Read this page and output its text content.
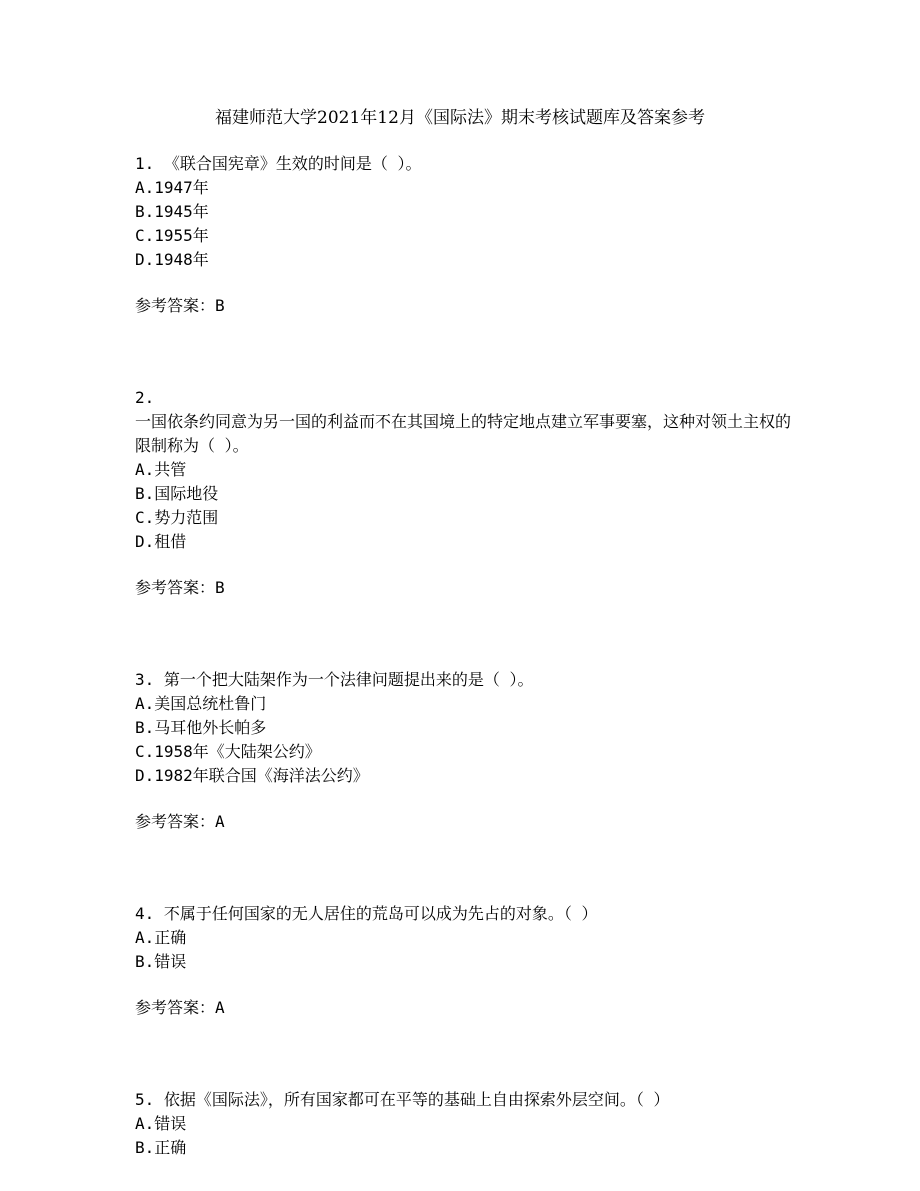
福建师范大学2021年12月《国际法》期末考核试题库及答案参考
1. 《联合国宪章》生效的时间是（ ）。
A.1947年
B.1945年
C.1955年
D.1948年
参考答案：B
2.
一国依条约同意为另一国的利益而不在其国境上的特定地点建立军事要塞，这种对领土主权的限制称为（ ）。
A.共管
B.国际地役
C.势力范围
D.租借
参考答案：B
3. 第一个把大陆架作为一个法律问题提出来的是（ ）。
A.美国总统杜鲁门
B.马耳他外长帕多
C.1958年《大陆架公约》
D.1982年联合国《海洋法公约》
参考答案：A
4. 不属于任何国家的无人居住的荒岛可以成为先占的对象。（ ）
A.正确
B.错误
参考答案：A
5. 依据《国际法》，所有国家都可在平等的基础上自由探索外层空间。（ ）
A.错误
B.正确
